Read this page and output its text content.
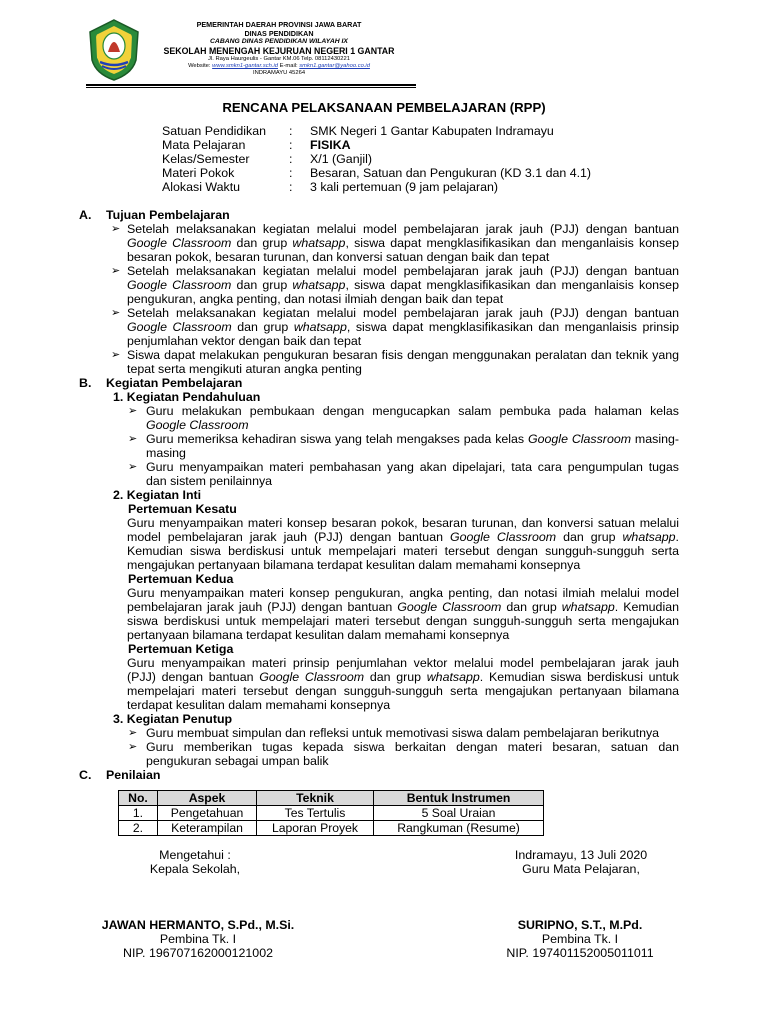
PEMERINTAH DAERAH PROVINSI JAWA BARAT
DINAS PENDIDIKAN
CABANG DINAS PENDIDIKAN WILAYAH IX
SEKOLAH MENENGAH KEJURUAN NEGERI 1 GANTAR
Jl. Raya Haurgeulis - Gantar KM.06 Telp. 08112430221
Website: www.smkn1-gantar.sch.id E-mail: smkn1.gantar@yahoo.co.id
INDRAMAYU 45264
RENCANA PELAKSANAAN PEMBELAJARAN (RPP)
Satuan Pendidikan : SMK Negeri 1 Gantar Kabupaten Indramayu
Mata Pelajaran	: FISIKA
Kelas/Semester	: X/1 (Ganjil)
Materi Pokok	: Besaran, Satuan dan Pengukuran (KD 3.1 dan 4.1)
Alokasi Waktu	: 3 kali pertemuan (9 jam pelajaran)
A. Tujuan Pembelajaran
➢ Setelah melaksanakan kegiatan melalui model pembelajaran jarak jauh (PJJ) dengan bantuan Google Classroom dan grup whatsapp, siswa dapat mengklasifikasikan dan menganlaisis konsep besaran pokok, besaran turunan, dan konversi satuan dengan baik dan tepat
➢ Setelah melaksanakan kegiatan melalui model pembelajaran jarak jauh (PJJ) dengan bantuan Google Classroom dan grup whatsapp, siswa dapat mengklasifikasikan dan menganlaisis konsep pengukuran, angka penting, dan notasi ilmiah dengan baik dan tepat
➢ Setelah melaksanakan kegiatan melalui model pembelajaran jarak jauh (PJJ) dengan bantuan Google Classroom dan grup whatsapp, siswa dapat mengklasifikasikan dan menganlaisis prinsip penjumlahan vektor dengan baik dan tepat
➢ Siswa dapat melakukan pengukuran besaran fisis dengan menggunakan peralatan dan teknik yang tepat serta mengikuti aturan angka penting
B. Kegiatan Pembelajaran
1. Kegiatan Pendahuluan
➢ Guru melakukan pembukaan dengan mengucapkan salam pembuka pada halaman kelas Google Classroom
➢ Guru memeriksa kehadiran siswa yang telah mengakses pada kelas Google Classroom masing-masing
➢ Guru menyampaikan materi pembahasan yang akan dipelajari, tata cara pengumpulan tugas dan sistem penilainnya
2. Kegiatan Inti
Pertemuan Kesatu
Guru menyampaikan materi konsep besaran pokok, besaran turunan, dan konversi satuan melalui model pembelajaran jarak jauh (PJJ) dengan bantuan Google Classroom dan grup whatsapp. Kemudian siswa berdiskusi untuk mempelajari materi tersebut dengan sungguh-sungguh serta mengajukan pertanyaan bilamana terdapat kesulitan dalam memahami konsepnya
Pertemuan Kedua
Guru menyampaikan materi konsep pengukuran, angka penting, dan notasi ilmiah melalui model pembelajaran jarak jauh (PJJ) dengan bantuan Google Classroom dan grup whatsapp. Kemudian siswa berdiskusi untuk mempelajari materi tersebut dengan sungguh-sungguh serta mengajukan pertanyaan bilamana terdapat kesulitan dalam memahami konsepnya
Pertemuan Ketiga
Guru menyampaikan materi prinsip penjumlahan vektor melalui model pembelajaran jarak jauh (PJJ) dengan bantuan Google Classroom dan grup whatsapp. Kemudian siswa berdiskusi untuk mempelajari materi tersebut dengan sungguh-sungguh serta mengajukan pertanyaan bilamana terdapat kesulitan dalam memahami konsepnya
3. Kegiatan Penutup
➢ Guru membuat simpulan dan refleksi untuk memotivasi siswa dalam pembelajaran berikutnya
➢ Guru memberikan tugas kepada siswa berkaitan dengan materi besaran, satuan dan pengukuran sebagai umpan balik
C. Penilaian
No.	Aspek	Teknik	Bentuk Instrumen
1.	Pengetahuan	Tes Tertulis	5 Soal Uraian
2.	Keterampilan	Laporan Proyek	Rangkuman (Resume)
Mengetahui :
Kepala Sekolah,
Indramayu, 13 Juli 2020
Guru Mata Pelajaran,
JAWAN HERMANTO, S.Pd., M.Si.
Pembina Tk. I
NIP. 196707162000121002
SURIPNO, S.T., M.Pd.
Pembina Tk. I
NIP. 197401152005011011
